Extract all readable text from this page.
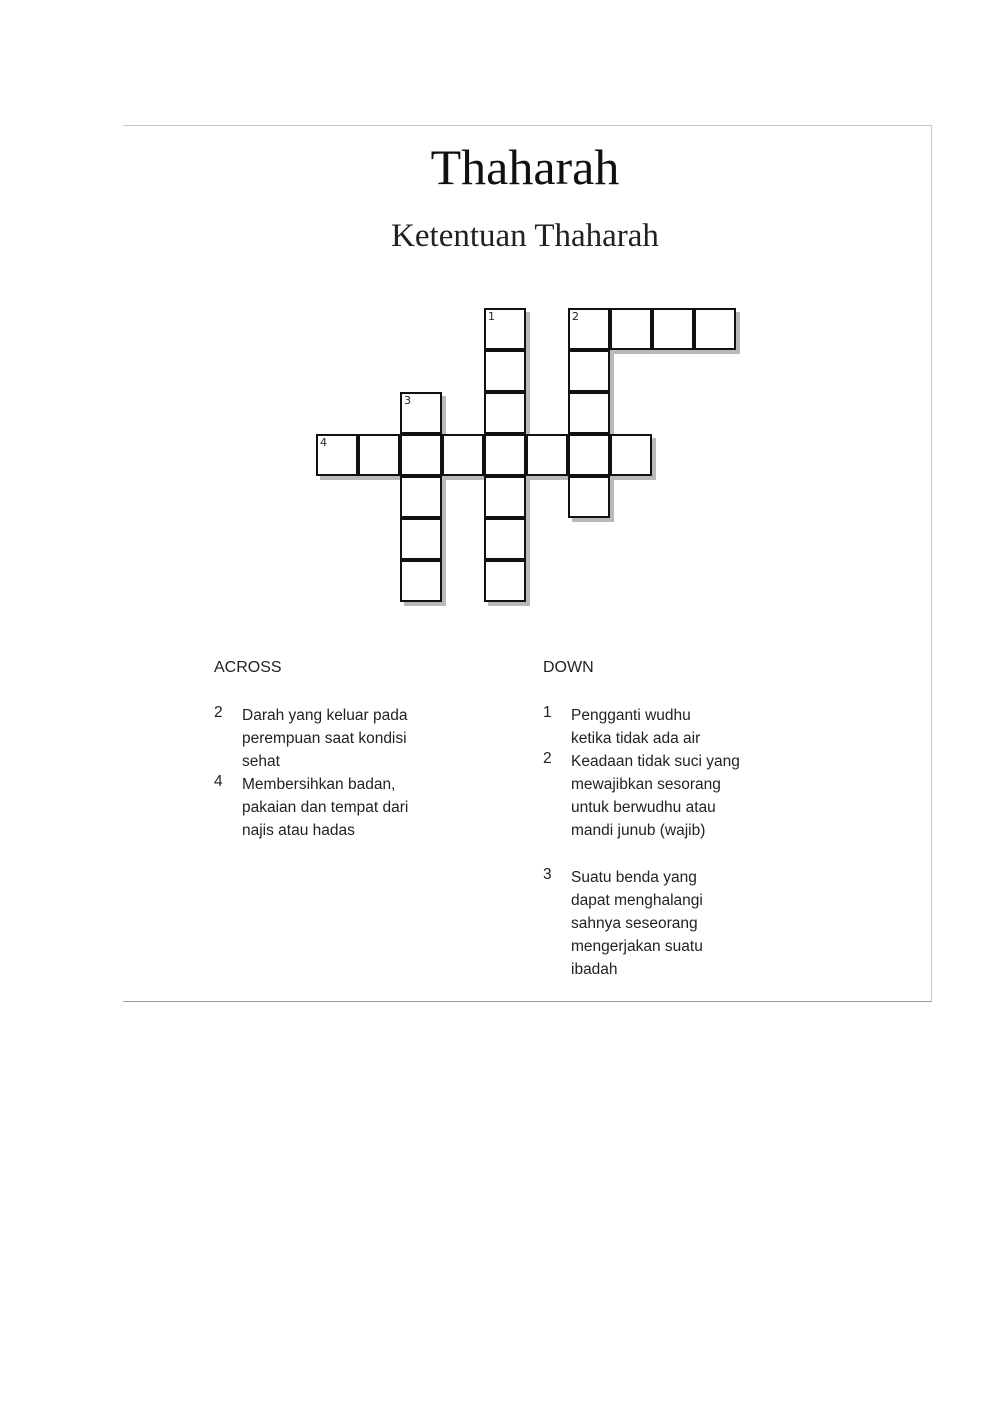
Thaharah
Ketentuan Thaharah
1	2
3
4
ACROSS
2 Darah yang keluar pada perempuan saat kondisi sehat
4 Membersihkan badan, pakaian dan tempat dari najis atau hadas
DOWN
1 Pengganti wudhu ketika tidak ada air
2 Keadaan tidak suci yang mewajibkan sesorang untuk berwudhu atau mandi junub (wajib)
3 Suatu benda yang dapat menghalangi sahnya seseorang mengerjakan suatu ibadah
